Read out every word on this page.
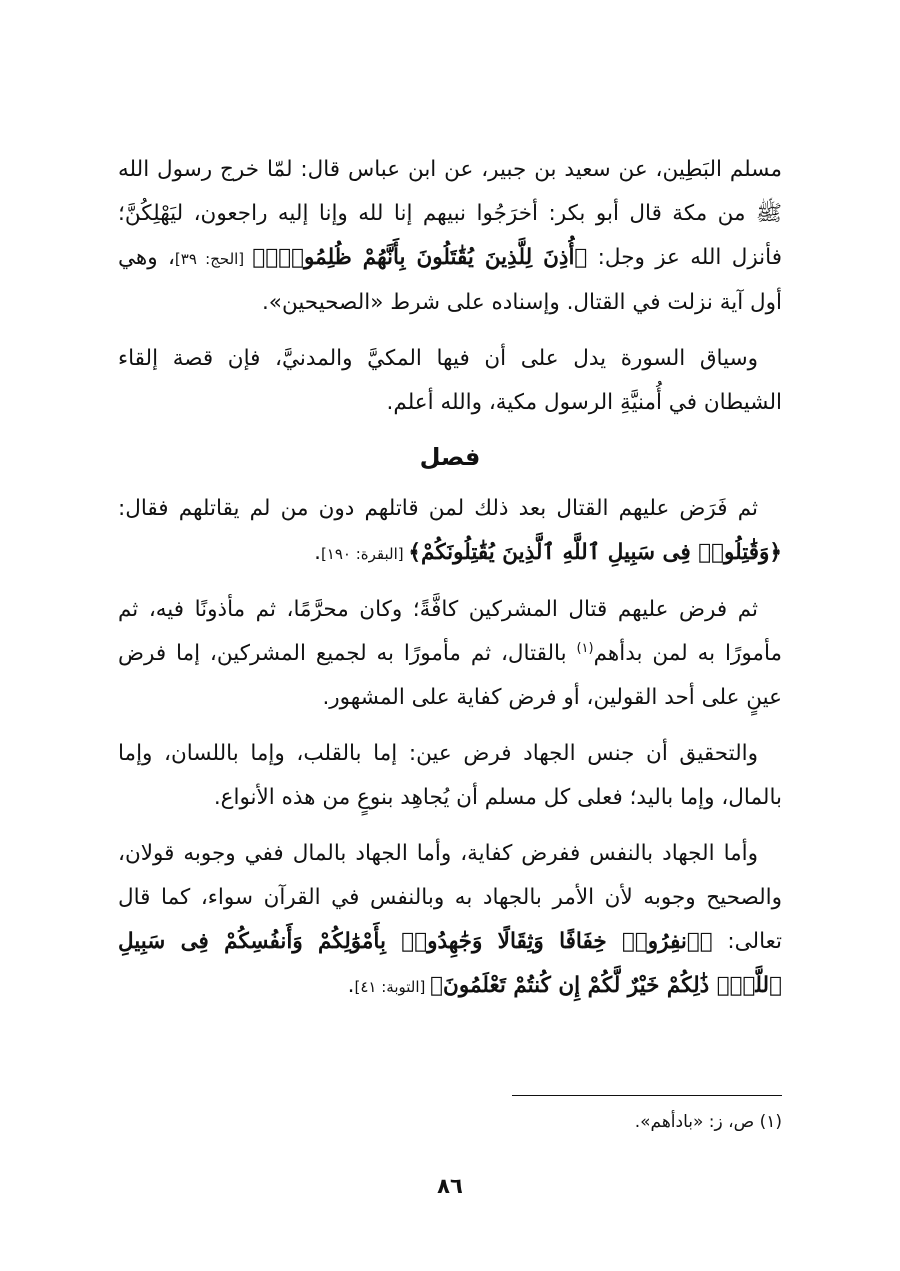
مسلم البَطِين، عن سعيد بن جبير، عن ابن عباس قال: لمّا خرج رسول الله ﷺ من مكة قال أبو بكر: أخرَجُوا نبيهم إنا لله وإنا إليه راجعون، ليَهْلِكُنَّ؛ فأنزل الله عز وجل: ﴿أُذِنَ لِلَّذِينَ يُقَٰتَلُونَ بِأَنَّهُمْ ظُلِمُوا۟ۚ﴾ [الحج: ٣٩]، وهي أول آية نزلت في القتال. وإسناده على شرط «الصحيحين».

وسياق السورة يدل على أن فيها المكيَّ والمدنيَّ، فإن قصة إلقاء الشيطان في أُمنيَّةِ الرسول مكية، والله أعلم.

فصل

ثم فَرَض عليهم القتال بعد ذلك لمن قاتلهم دون من لم يقاتلهم فقال: ﴿وَقَٰتِلُوا۟ فِى سَبِيلِ ٱللَّهِ ٱلَّذِينَ يُقَٰتِلُونَكُمْ﴾ [البقرة: ١٩٠].

ثم فرض عليهم قتال المشركين كافَّةً؛ وكان محرَّمًا، ثم مأذونًا فيه، ثم مأمورًا به لمن بدأهم$^{(١)}$ بالقتال، ثم مأمورًا به لجميع المشركين، إما فرض عينٍ على أحد القولين، أو فرض كفاية على المشهور.

والتحقيق أن جنس الجهاد فرض عين: إما بالقلب، وإما باللسان، وإما بالمال، وإما باليد؛ فعلى كل مسلم أن يُجاهِد بنوعٍ من هذه الأنواع.

وأما الجهاد بالنفس ففرض كفاية، وأما الجهاد بالمال ففي وجوبه قولان، والصحيح وجوبه لأن الأمر بالجهاد به وبالنفس في القرآن سواء، كما قال تعالى: ﴿ٱنفِرُوا۟ خِفَافًا وَثِقَالًا وَجَٰهِدُوا۟ بِأَمْوَٰلِكُمْ وَأَنفُسِكُمْ فِى سَبِيلِ ٱللَّهِۚ ذَٰلِكُمْ خَيْرٌ لَّكُمْ إِن كُنتُمْ تَعْلَمُونَ﴾ [التوبة: ٤١].

(١) ص، ز: «بادأهم».
٨٦
